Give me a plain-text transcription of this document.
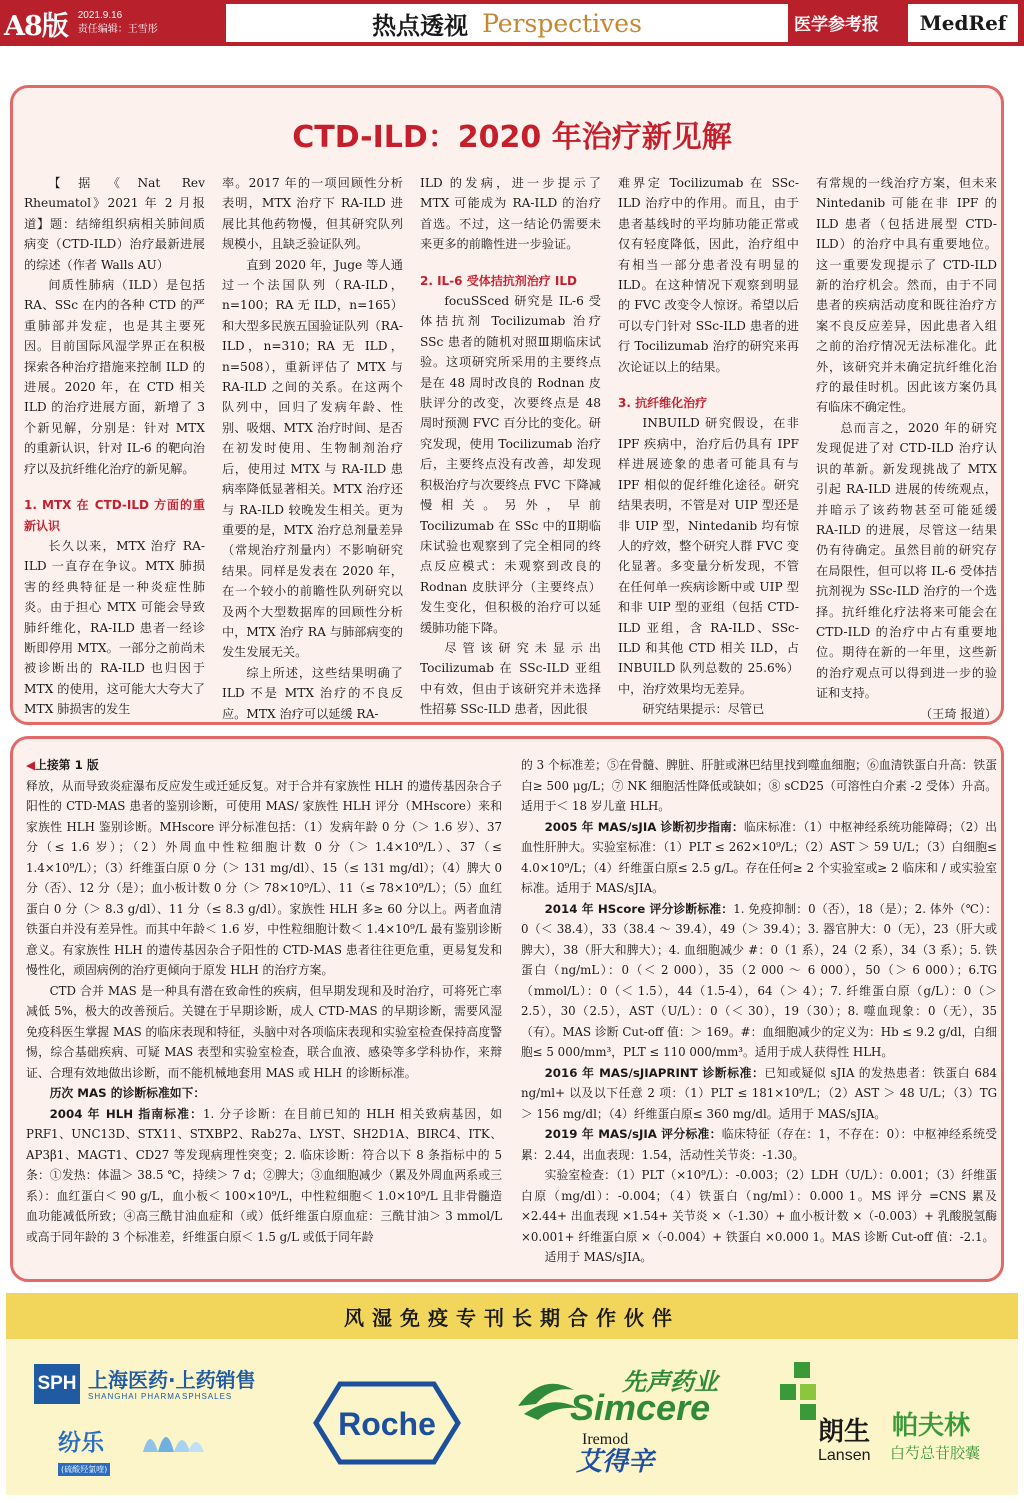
A8版 2021.9.16
责任编辑：王雪彤	热点透视 Perspectives	医学参考报	MedRef
CTD-ILD：2020 年治疗新见解

【据《Nat Rev Rheumatol》2021 年 2 月报道】题：结缔组织病相关肺间质病变（CTD-ILD）治疗最新进展的综述（作者 Walls AU）

间质性肺病（ILD）是包括 RA、SSc 在内的各种 CTD 的严重肺部并发症，也是其主要死因。目前国际风湿学界正在积极探索各种治疗措施来控制 ILD 的进展。2020 年，在 CTD 相关 ILD 的治疗进展方面，新增了 3 个新见解，分别是：针对 MTX 的重新认识，针对 IL-6 的靶向治疗以及抗纤维化治疗的新见解。

1. MTX 在 CTD-ILD 方面的重新认识

长久以来，MTX 治疗 RA-ILD 一直存在争议。MTX 肺损害的经典特征是一种炎症性肺炎。由于担心 MTX 可能会导致肺纤维化，RA-ILD 患者一经诊断即停用 MTX。一部分之前尚未被诊断出的 RA-ILD 也归因于 MTX 的使用，这可能大大夸大了 MTX 肺损害的发生

率。2017 年的一项回顾性分析表明，MTX 治疗下 RA-ILD 进展比其他药物慢，但其研究队列规模小，且缺乏验证队列。

直到 2020 年，Juge 等人通过一个法国队列（RA-ILD，n=100；RA 无 ILD，n=165）和大型多民族五国验证队列（RA-ILD，n=310；RA 无 ILD，n=508），重新评估了 MTX 与 RA-ILD 之间的关系。在这两个队列中，回归了发病年龄、性别、吸烟、MTX 治疗时间、是否在初发时使用、生物制剂治疗后，使用过 MTX 与 RA-ILD 患病率降低显著相关。MTX 治疗还与 RA-ILD 较晚发生相关。更为重要的是，MTX 治疗总剂量差异（常规治疗剂量内）不影响研究结果。同样是发表在 2020 年，在一个较小的前瞻性队列研究以及两个大型数据库的回顾性分析中，MTX 治疗 RA 与肺部病变的发生发展无关。

综上所述，这些结果明确了 ILD 不是 MTX 治疗的不良反应。MTX 治疗可以延缓 RA-

ILD 的发病，进一步提示了 MTX 可能成为 RA-ILD 的治疗首选。不过，这一结论仍需要未来更多的前瞻性进一步验证。

2. IL-6 受体拮抗剂治疗 ILD

focuSSced 研究是 IL-6 受体拮抗剂 Tocilizumab 治疗 SSc 患者的随机对照Ⅲ期临床试验。这项研究所采用的主要终点是在 48 周时改良的 Rodnan 皮肤评分的改变，次要终点是 48 周时预测 FVC 百分比的变化。研究发现，使用 Tocilizumab 治疗后，主要终点没有改善，却发现积极治疗与次要终点 FVC 下降减慢相关。另外，早前 Tocilizumab 在 SSc 中的Ⅱ期临床试验也观察到了完全相同的终点反应模式：未观察到改良的 Rodnan 皮肤评分（主要终点）发生变化，但积极的治疗可以延缓肺功能下降。

尽管该研究未显示出 Tocilizumab 在 SSc-ILD 亚组中有效，但由于该研究并未选择性招募 SSc-ILD 患者，因此很

难界定 Tocilizumab 在 SSc-ILD 治疗中的作用。而且，由于患者基线时的平均肺功能正常或仅有轻度降低，因此，治疗组中有相当一部分患者没有明显的 ILD。在这种情况下观察到明显的 FVC 改变令人惊讶。希望以后可以专门针对 SSc-ILD 患者的进行 Tocilizumab 治疗的研究来再次论证以上的结果。

3. 抗纤维化治疗

INBUILD 研究假设，在非 IPF 疾病中，治疗后仍具有 IPF 样进展迹象的患者可能具有与 IPF 相似的促纤维化途径。研究结果表明，不管是对 UIP 型还是非 UIP 型，Nintedanib 均有惊人的疗效，整个研究人群 FVC 变化显著。多变量分析发现，不管在任何单一疾病诊断中或 UIP 型和非 UIP 型的亚组（包括 CTD-ILD 亚组，含 RA-ILD、SSc-ILD 和其他 CTD 相关 ILD，占 INBUILD 队列总数的 25.6%）中，治疗效果均无差异。

研究结果提示：尽管已

有常规的一线治疗方案，但未来 Nintedanib 可能在非 IPF 的 ILD 患者（包括进展型 CTD-ILD）的治疗中具有重要地位。这一重要发现提示了 CTD-ILD 新的治疗机会。然而，由于不同患者的疾病活动度和既往治疗方案不良反应差异，因此患者入组之前的治疗情况无法标准化。此外，该研究并未确定抗纤维化治疗的最佳时机。因此该方案仍具有临床不确定性。

总而言之，2020 年的研究发现促进了对 CTD-ILD 治疗认识的革新。新发现挑战了 MTX 引起 RA-ILD 进展的传统观点，并暗示了该药物甚至可能延缓 RA-ILD 的进展，尽管这一结果仍有待确定。虽然目前的研究存在局限性，但可以将 IL-6 受体拮抗剂视为 SSc-ILD 治疗的一个选择。抗纤维化疗法将来可能会在 CTD-ILD 的治疗中占有重要地位。期待在新的一年里，这些新的治疗观点可以得到进一步的验证和支持。

（王琦 报道）

◀上接第 1 版

释放，从而导致炎症瀑布反应发生或迁延反复。对于合并有家族性 HLH 的遗传基因杂合子阳性的 CTD-MAS 患者的鉴别诊断，可使用 MAS/ 家族性 HLH 评分（MHscore）来和家族性 HLH 鉴别诊断。MHscore 评分标准包括：（1）发病年龄 0 分（＞ 1.6 岁）、37 分（≤ 1.6 岁）；（2）外周血中性粒细胞计数 0 分（＞ 1.4×10⁹/L）、37（≤ 1.4×10⁹/L）；（3）纤维蛋白原 0 分（＞ 131 mg/dl）、15（≤ 131 mg/dl）；（4）脾大 0 分（否）、12 分（是）；血小板计数 0 分（＞ 78×10⁹/L）、11（≤ 78×10⁹/L）；（5）血红蛋白 0 分（＞ 8.3 g/dl）、11 分（≤ 8.3 g/dl）。家族性 HLH 多≥ 60 分以上。两者血清铁蛋白并没有差异性。而其中年龄＜ 1.6 岁，中性粒细胞计数＜ 1.4×10⁹/L 最有鉴别诊断意义。有家族性 HLH 的遗传基因杂合子阳性的 CTD-MAS 患者往往更危重，更易复发和慢性化，顽固病例的治疗更倾向于原发 HLH 的治疗方案。

CTD 合并 MAS 是一种具有潜在致命性的疾病，但早期发现和及时治疗，可将死亡率减低 5%，极大的改善预后。关键在于早期诊断，成人 CTD-MAS 的早期诊断，需要风湿免疫科医生掌握 MAS 的临床表现和特征，头脑中对各项临床表现和实验室检查保持高度警惕，综合基础疾病、可疑 MAS 表型和实验室检查，联合血液、感染等多学科协作，来辩证、合理有效地做出诊断，而不能机械地套用 MAS 或 HLH 的诊断标准。

历次 MAS 的诊断标准如下：

2004 年 HLH 指南标准：1. 分子诊断：在目前已知的 HLH 相关致病基因，如 PRF1、UNC13D、STX11、STXBP2、Rab27a、LYST、SH2D1A、BIRC4、ITK、AP3β1、MAGT1、CD27 等发现病理性突变；2. 临床诊断：符合以下 8 条指标中的 5 条：①发热：体温＞ 38.5 ℃，持续＞ 7 d；②脾大；③血细胞减少（累及外周血两系或三系）：血红蛋白＜ 90 g/L，血小板＜ 100×10⁹/L，中性粒细胞＜ 1.0×10⁹/L 且非骨髓造血功能减低所致；④高三酰甘油血症和（或）低纤维蛋白原血症：三酰甘油＞ 3 mmol/L 或高于同年龄的 3 个标准差，纤维蛋白原＜ 1.5 g/L 或低于同年龄

的 3 个标准差；⑤在骨髓、脾脏、肝脏或淋巴结里找到噬血细胞；⑥血清铁蛋白升高：铁蛋白≥ 500 μg/L；⑦ NK 细胞活性降低或缺如；⑧ sCD25（可溶性白介素 -2 受体）升高。适用于＜ 18 岁儿童 HLH。

2005 年 MAS/sJIA 诊断初步指南：临床标准：（1）中枢神经系统功能障碍；（2）出血性肝肿大。实验室标准：（1）PLT ≤ 262×10⁹/L；（2）AST ＞ 59 U/L；（3）白细胞≤ 4.0×10⁹/L；（4）纤维蛋白原≤ 2.5 g/L。存在任何≥ 2 个实验室或≥ 2 临床和 / 或实验室标准。适用于 MAS/sJIA。

2014 年 HScore 评分诊断标准：1. 免疫抑制：0（否），18（是）；2. 体外（℃）：0（＜ 38.4），33（38.4 ～ 39.4），49（＞ 39.4）；3. 器官肿大：0（无），23（肝大或脾大），38（肝大和脾大）；4. 血细胞减少 #：0（1 系），24（2 系），34（3 系）；5. 铁蛋白（ng/mL）：0（＜ 2 000），35（2 000 ～ 6 000），50（＞ 6 000）；6.TG（mmol/L）：0（＜ 1.5），44（1.5-4），64（＞ 4）；7. 纤维蛋白原（g/L）：0（＞ 2.5），30（2.5），AST（U/L）：0（＜ 30），19（30）；8. 噬血现象：0（无），35（有）。MAS 诊断 Cut-off 值：＞ 169。#：血细胞减少的定义为：Hb ≤ 9.2 g/dl，白细胞≤ 5 000/mm³，PLT ≤ 110 000/mm³。适用于成人获得性 HLH。

2016 年 MAS/sJIAPRINT 诊断标准：已知或疑似 sJIA 的发热患者：铁蛋白 684 ng/ml+ 以及以下任意 2 项：（1）PLT ≤ 181×10⁹/L；（2）AST ＞ 48 U/L；（3）TG ＞ 156 mg/dl；（4）纤维蛋白原≤ 360 mg/dl。适用于 MAS/sJIA。

2019 年 MAS/sJIA 评分标准：临床特征（存在：1，不存在：0）：中枢神经系统受累：2.44，出血表现：1.54，活动性关节炎：-1.30。

实验室检查：（1）PLT（×10⁹/L）：-0.003；（2）LDH（U/L）：0.001；（3）纤维蛋白原（mg/dl）：-0.004；（4）铁蛋白（ng/ml）：0.000 1。MS 评分 =CNS 累及 ×2.44+ 出血表现 ×1.54+ 关节炎 ×（-1.30）+ 血小板计数 ×（-0.003）+ 乳酸脱氢酶 ×0.001+ 纤维蛋白原 ×（-0.004）+ 铁蛋白 ×0.000 1。MAS 诊断 Cut-off 值：-2.1。

适用于 MAS/sJIA。

风湿免疫专刊长期合作伙伴
SPH 上海医药·上药销售
SHANGHAI PHARMA SPHSALES
纷乐
(硫酸羟氯喹)
Roche
先声药业
Simcere
Iremod
艾得辛
朗生
Lansen
帕夫林
白芍总苷胶囊
